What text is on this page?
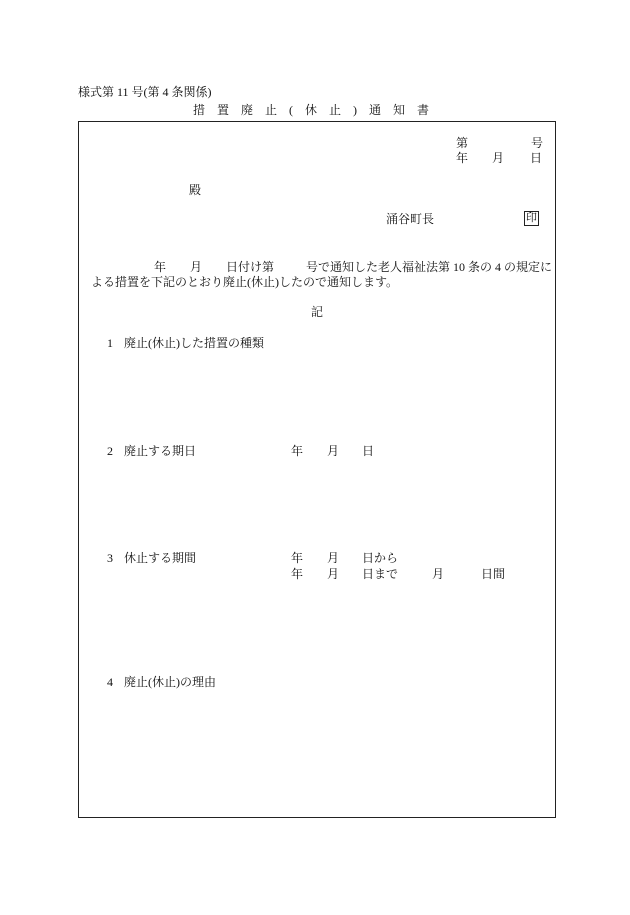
様式第 11 号(第 4 条関係)
措置廃止(休止)通知書
第	号
年 月 日
殿
涌谷町長	印
年 月 日付け第	号で通知した老人福祉法第 10 条の 4 の規定に
よる措置を下記のとおり廃止(休止)したので通知します。
記
1 廃止(休止)した措置の種類
2 廃止する期日	年 月 日
3 休止する期間	年 月 日から
年 月 日まで	月	日間
4 廃止(休止)の理由
